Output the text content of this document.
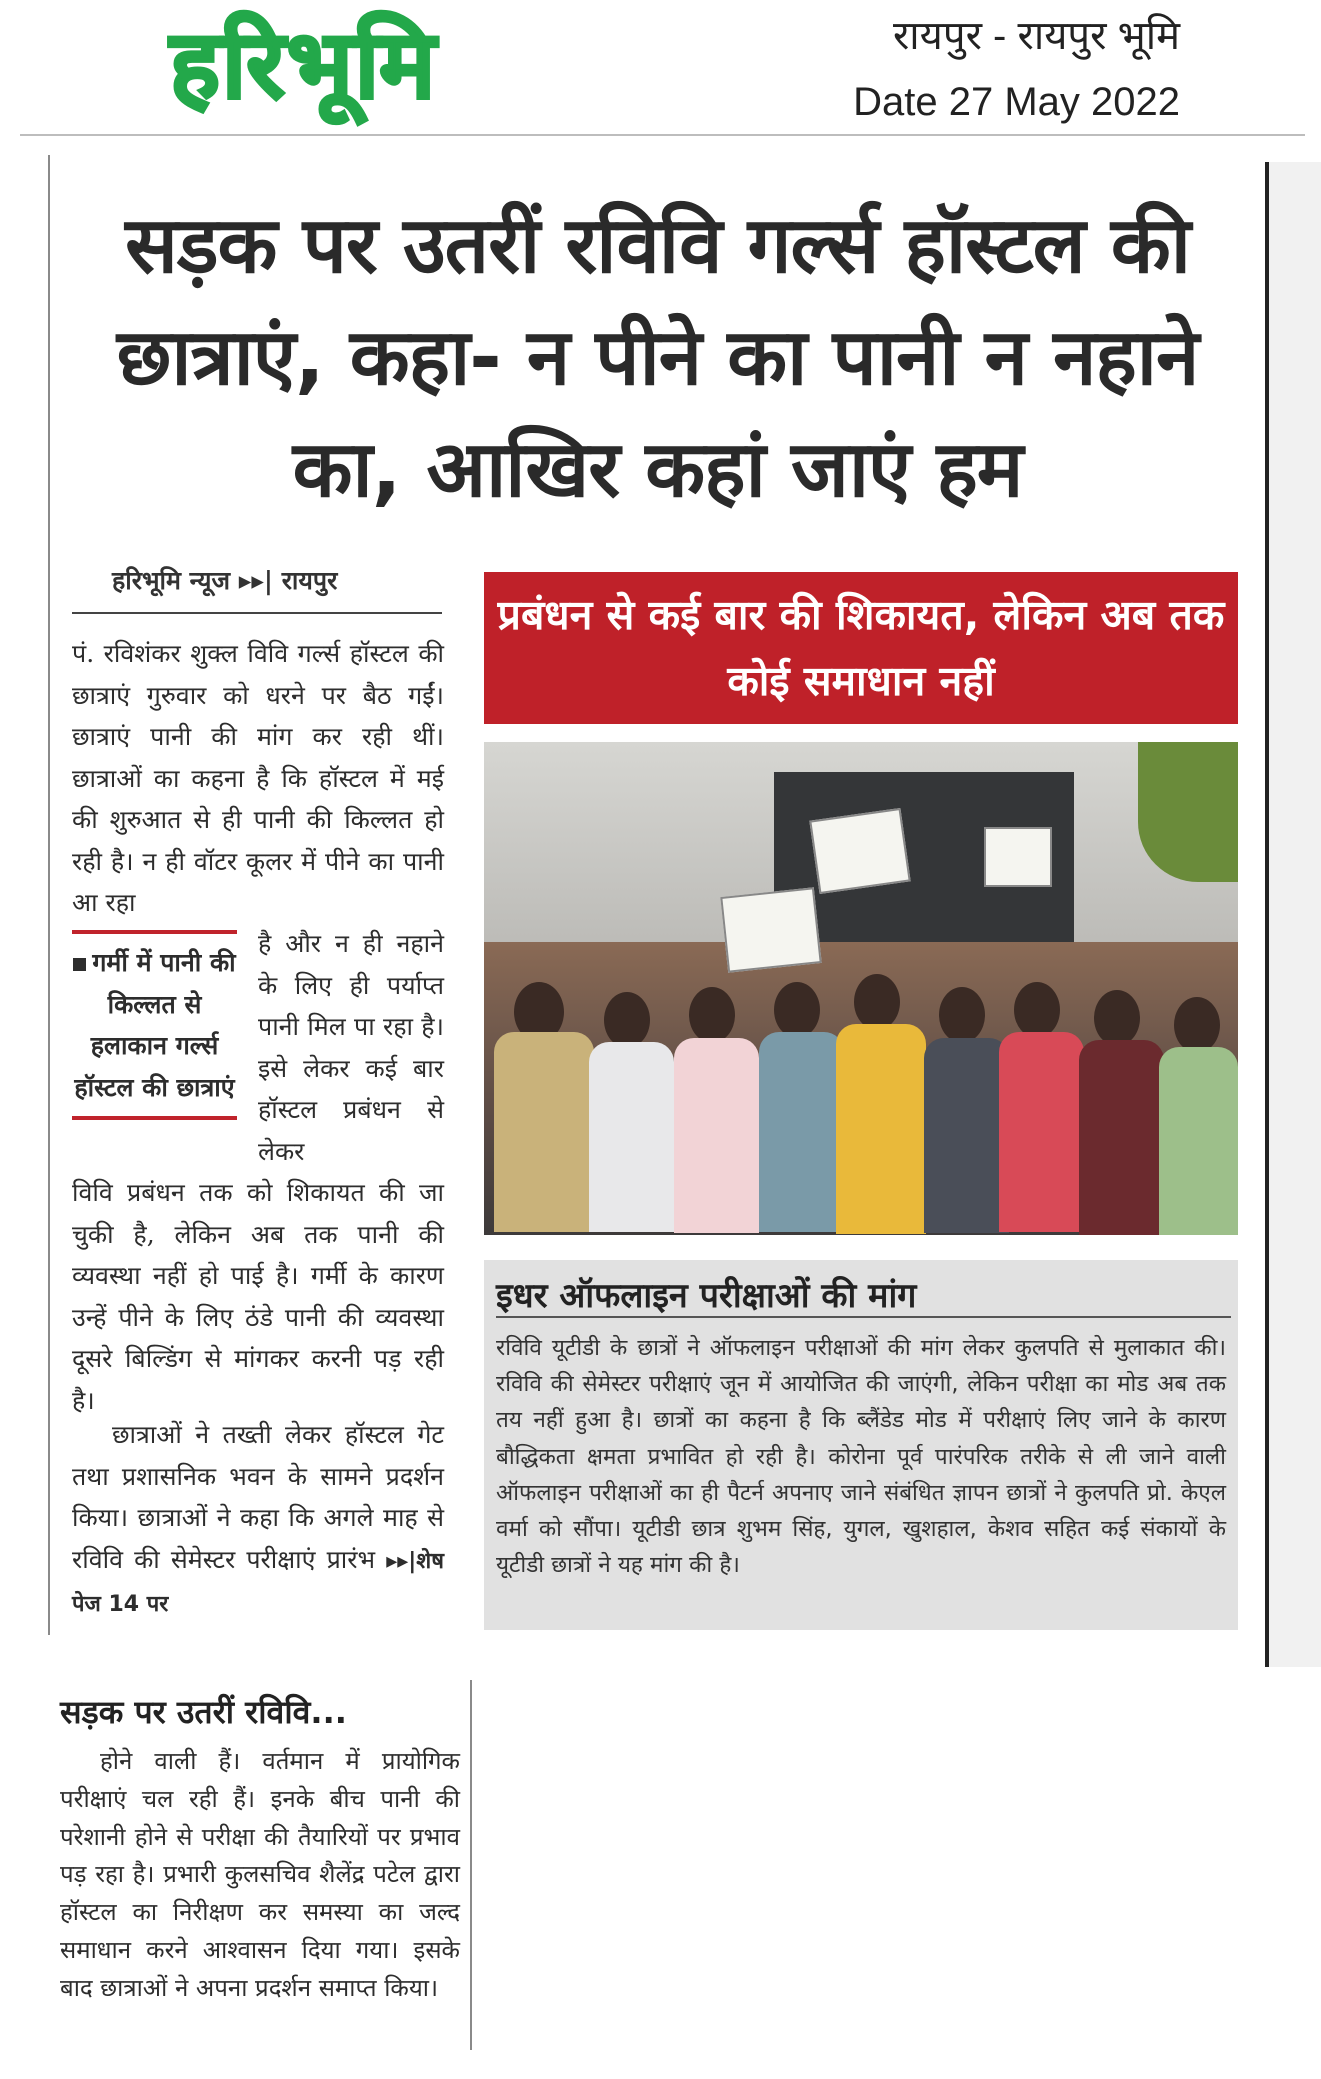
हरिभूमि	रायपुर - रायपुर भूमि
Date 27 May 2022
सड़क पर उतरीं रविवि गर्ल्स हॉस्टल की छात्राएं, कहा- न पीने का पानी न नहाने का, आखिर कहां जाएं हम
हरिभूमि न्यूज ▸▸| रायपुर
पं. रविशंकर शुक्ल विवि गर्ल्स हॉस्टल की छात्राएं गुरुवार को धरने पर बैठ गईं। छात्राएं पानी की मांग कर रही थीं। छात्राओं का कहना है कि हॉस्टल में मई की शुरुआत से ही पानी की किल्लत हो रही है। न ही वॉटर कूलर में पीने का पानी आ रहा
गर्मी में पानी की किल्लत से हलाकान गर्ल्स हॉस्टल की छात्राएं
है और न ही नहाने के लिए ही पर्याप्त पानी मिल पा रहा है। इसे लेकर कई बार हॉस्टल प्रबंधन से लेकर
विवि प्रबंधन तक को शिकायत की जा चुकी है, लेकिन अब तक पानी की व्यवस्था नहीं हो पाई है। गर्मी के कारण उन्हें पीने के लिए ठंडे पानी की व्यवस्था दूसरे बिल्डिंग से मांगकर करनी पड़ रही है।
छात्राओं ने तख्ती लेकर हॉस्टल गेट तथा प्रशासनिक भवन के सामने प्रदर्शन किया। छात्राओं ने कहा कि अगले माह से रविवि की सेमेस्टर परीक्षाएं प्रारंभ ▸▸|शेष पेज 14 पर
प्रबंधन से कई बार की शिकायत, लेकिन अब तक कोई समाधान नहीं
इधर ऑफलाइन परीक्षाओं की मांग
रविवि यूटीडी के छात्रों ने ऑफलाइन परीक्षाओं की मांग लेकर कुलपति से मुलाकात की। रविवि की सेमेस्टर परीक्षाएं जून में आयोजित की जाएंगी, लेकिन परीक्षा का मोड अब तक तय नहीं हुआ है। छात्रों का कहना है कि ब्लैंडेड मोड में परीक्षाएं लिए जाने के कारण बौद्धिकता क्षमता प्रभावित हो रही है। कोरोना पूर्व पारंपरिक तरीके से ली जाने वाली ऑफलाइन परीक्षाओं का ही पैटर्न अपनाए जाने संबंधित ज्ञापन छात्रों ने कुलपति प्रो. केएल वर्मा को सौंपा। यूटीडी छात्र शुभम सिंह, युगल, खुशहाल, केशव सहित कई संकायों के यूटीडी छात्रों ने यह मांग की है।
सड़क पर उतरीं रविवि...
होने वाली हैं। वर्तमान में प्रायोगिक परीक्षाएं चल रही हैं। इनके बीच पानी की परेशानी होने से परीक्षा की तैयारियों पर प्रभाव पड़ रहा है। प्रभारी कुलसचिव शैलेंद्र पटेल द्वारा हॉस्टल का निरीक्षण कर समस्या का जल्द समाधान करने आश्वासन दिया गया। इसके बाद छात्राओं ने अपना प्रदर्शन समाप्त किया।
